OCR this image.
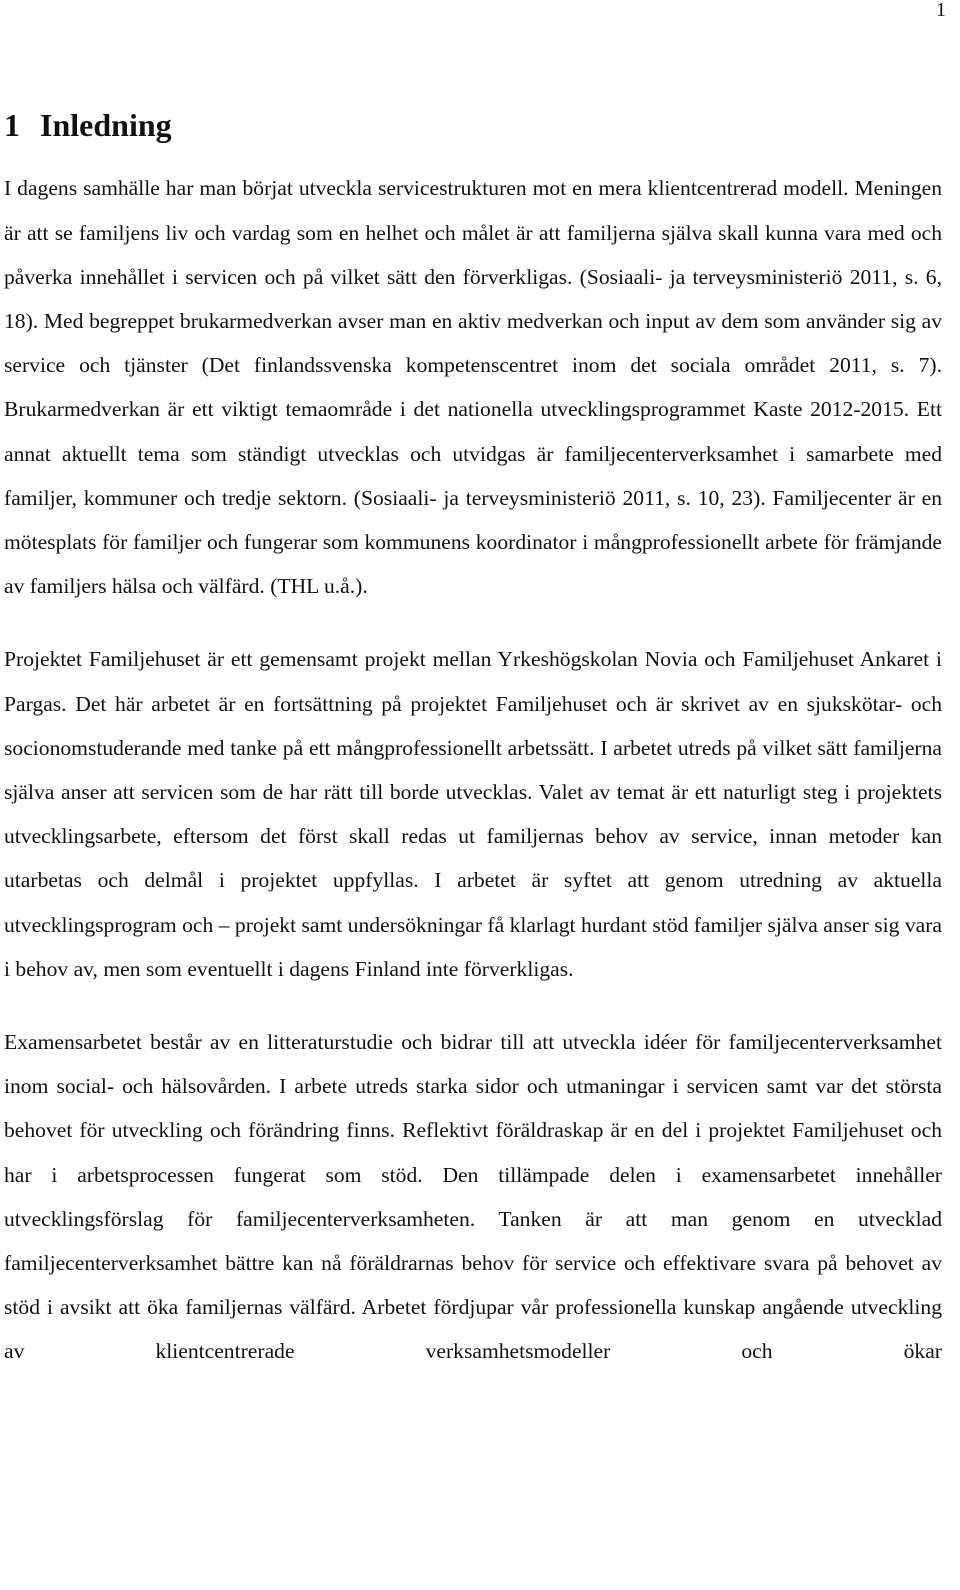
1
1 Inledning

I dagens samhälle har man börjat utveckla servicestrukturen mot en mera klientcentrerad modell. Meningen är att se familjens liv och vardag som en helhet och målet är att familjerna själva skall kunna vara med och påverka innehållet i servicen och på vilket sätt den förverkligas. (Sosiaali- ja terveysministeriö 2011, s. 6, 18). Med begreppet brukarmedverkan avser man en aktiv medverkan och input av dem som använder sig av service och tjänster (Det finlandssvenska kompetenscentret inom det sociala området 2011, s. 7). Brukarmedverkan är ett viktigt temaområde i det nationella utvecklingsprogrammet Kaste 2012-2015. Ett annat aktuellt tema som ständigt utvecklas och utvidgas är familjecenterverksamhet i samarbete med familjer, kommuner och tredje sektorn. (Sosiaali- ja terveysministeriö 2011, s. 10, 23). Familjecenter är en mötesplats för familjer och fungerar som kommunens koordinator i mångprofessionellt arbete för främjande av familjers hälsa och välfärd. (THL u.å.).

Projektet Familjehuset är ett gemensamt projekt mellan Yrkeshögskolan Novia och Familjehuset Ankaret i Pargas. Det här arbetet är en fortsättning på projektet Familjehuset och är skrivet av en sjukskötar- och socionomstuderande med tanke på ett mångprofessionellt arbetssätt. I arbetet utreds på vilket sätt familjerna själva anser att servicen som de har rätt till borde utvecklas. Valet av temat är ett naturligt steg i projektets utvecklingsarbete, eftersom det först skall redas ut familjernas behov av service, innan metoder kan utarbetas och delmål i projektet uppfyllas. I arbetet är syftet att genom utredning av aktuella utvecklingsprogram och – projekt samt undersökningar få klarlagt hurdant stöd familjer själva anser sig vara i behov av, men som eventuellt i dagens Finland inte förverkligas.

Examensarbetet består av en litteraturstudie och bidrar till att utveckla idéer för familjecenterverksamhet inom social- och hälsovården. I arbete utreds starka sidor och utmaningar i servicen samt var det största behovet för utveckling och förändring finns. Reflektivt föräldraskap är en del i projektet Familjehuset och har i arbetsprocessen fungerat som stöd. Den tillämpade delen i examensarbetet innehåller utvecklingsförslag för familjecenterverksamheten. Tanken är att man genom en utvecklad familjecenterverksamhet bättre kan nå föräldrarnas behov för service och effektivare svara på behovet av stöd i avsikt att öka familjernas välfärd. Arbetet fördjupar vår professionella kunskap angående utveckling av klientcentrerade verksamhetsmodeller och ökar
